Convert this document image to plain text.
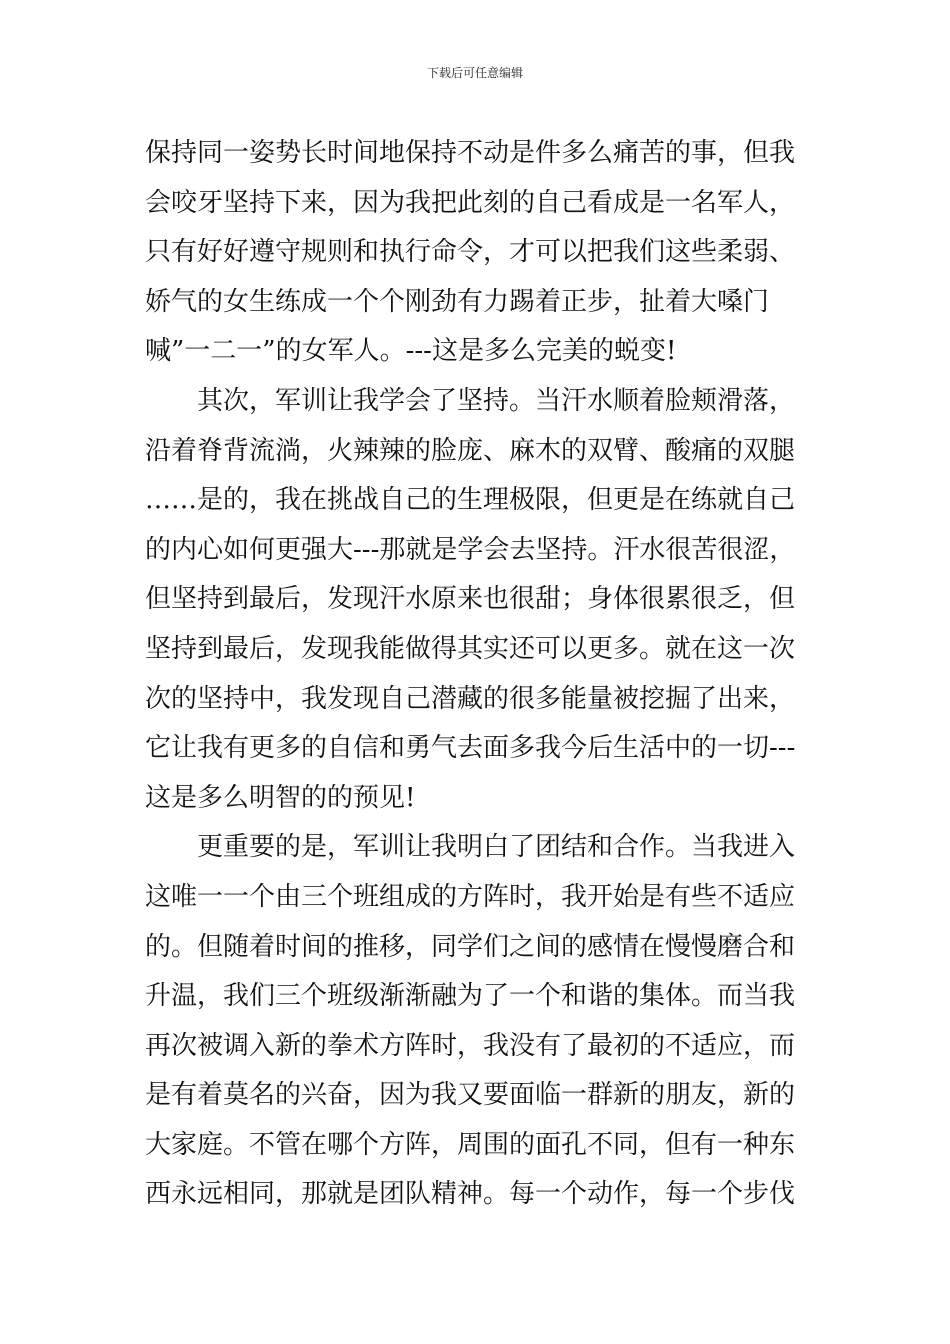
下载后可任意编辑
保持同一姿势长时间地保持不动是件多么痛苦的事，但我
会咬牙坚持下来，因为我把此刻的自己看成是一名军人，
只有好好遵守规则和执行命令，才可以把我们这些柔弱、
娇气的女生练成一个个刚劲有力踢着正步，扯着大嗓门
喊”一二一”的女军人。---这是多么完美的蜕变!
其次，军训让我学会了坚持。当汗水顺着脸颊滑落，
沿着脊背流淌，火辣辣的脸庞、麻木的双臂、酸痛的双腿
……是的，我在挑战自己的生理极限，但更是在练就自己
的内心如何更强大---那就是学会去坚持。汗水很苦很涩，
但坚持到最后，发现汗水原来也很甜；身体很累很乏，但
坚持到最后，发现我能做得其实还可以更多。就在这一次
次的坚持中，我发现自己潜藏的很多能量被挖掘了出来，
它让我有更多的自信和勇气去面多我今后生活中的一切---
这是多么明智的的预见!
更重要的是，军训让我明白了团结和合作。当我进入
这唯一一个由三个班组成的方阵时，我开始是有些不适应
的。但随着时间的推移，同学们之间的感情在慢慢磨合和
升温，我们三个班级渐渐融为了一个和谐的集体。而当我
再次被调入新的拳术方阵时，我没有了最初的不适应，而
是有着莫名的兴奋，因为我又要面临一群新的朋友，新的
大家庭。不管在哪个方阵，周围的面孔不同，但有一种东
西永远相同，那就是团队精神。每一个动作，每一个步伐
